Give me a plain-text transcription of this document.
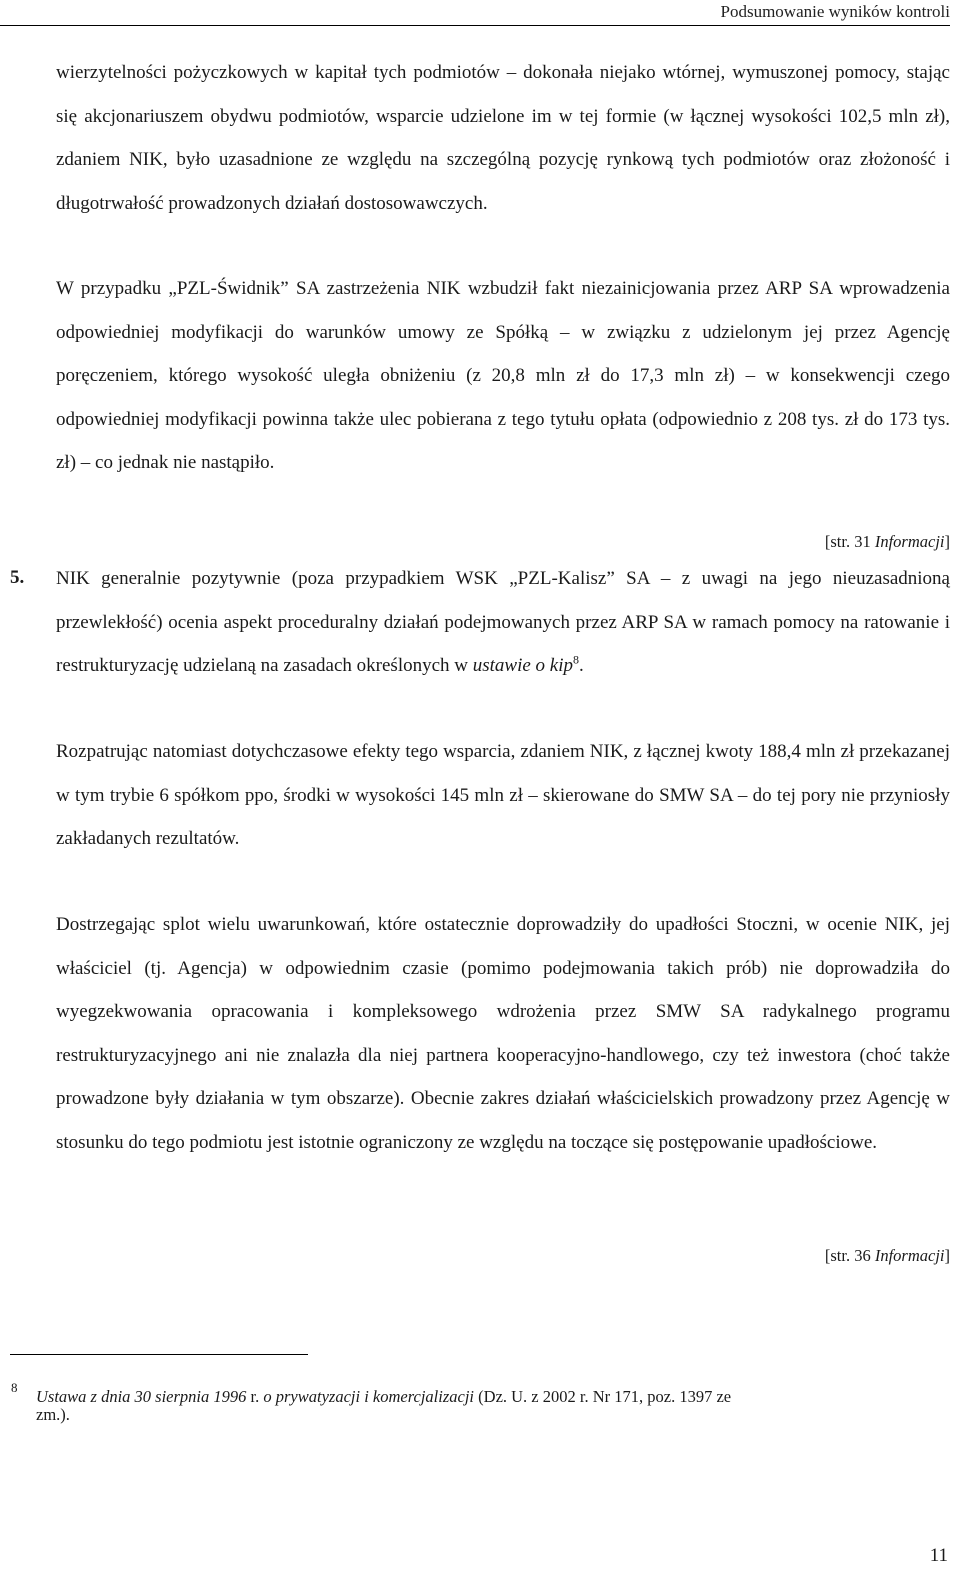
Podsumowanie wyników kontroli

wierzytelności pożyczkowych w kapitał tych podmiotów – dokonała niejako wtórnej, wymuszonej pomocy, stając się akcjonariuszem obydwu podmiotów, wsparcie udzielone im w tej formie (w łącznej wysokości 102,5 mln zł), zdaniem NIK, było uzasadnione ze względu na szczególną pozycję rynkową tych podmiotów oraz złożoność i długotrwałość prowadzonych działań dostosowawczych.

W przypadku „PZL-Świdnik” SA zastrzeżenia NIK wzbudził fakt niezainicjowania przez ARP SA wprowadzenia odpowiedniej modyfikacji do warunków umowy ze Spółką – w związku z udzielonym jej przez Agencję poręczeniem, którego wysokość uległa obniżeniu (z 20,8 mln zł do 17,3 mln zł) – w konsekwencji czego odpowiedniej modyfikacji powinna także ulec pobierana z tego tytułu opłata (odpowiednio z 208 tys. zł do 173 tys. zł) – co jednak nie nastąpiło.

[str. 31 Informacji]
5. NIK generalnie pozytywnie (poza przypadkiem WSK „PZL-Kalisz” SA – z uwagi na jego nieuzasadnioną przewlekłość) ocenia aspekt proceduralny działań podejmowanych przez ARP SA w ramach pomocy na ratowanie i restrukturyzację udzielaną na zasadach określonych w ustawie o kip$^8$.

Rozpatrując natomiast dotychczasowe efekty tego wsparcia, zdaniem NIK, z łącznej kwoty 188,4 mln zł przekazanej w tym trybie 6 spółkom ppo, środki w wysokości 145 mln zł – skierowane do SMW SA – do tej pory nie przyniosły zakładanych rezultatów.

Dostrzegając splot wielu uwarunkowań, które ostatecznie doprowadziły do upadłości Stoczni, w ocenie NIK, jej właściciel (tj. Agencja) w odpowiednim czasie (pomimo podejmowania takich prób) nie doprowadziła do wyegzekwowania opracowania i kompleksowego wdrożenia przez SMW SA radykalnego programu restrukturyzacyjnego ani nie znalazła dla niej partnera kooperacyjno-handlowego, czy też inwestora (choć także prowadzone były działania w tym obszarze). Obecnie zakres działań właścicielskich prowadzony przez Agencję w stosunku do tego podmiotu jest istotnie ograniczony ze względu na toczące się postępowanie upadłościowe.

[str. 36 Informacji]
8 Ustawa z dnia 30 sierpnia 1996 r. o prywatyzacji i komercjalizacji (Dz. U. z 2002 r. Nr 171, poz. 1397 ze

zm.).
11
